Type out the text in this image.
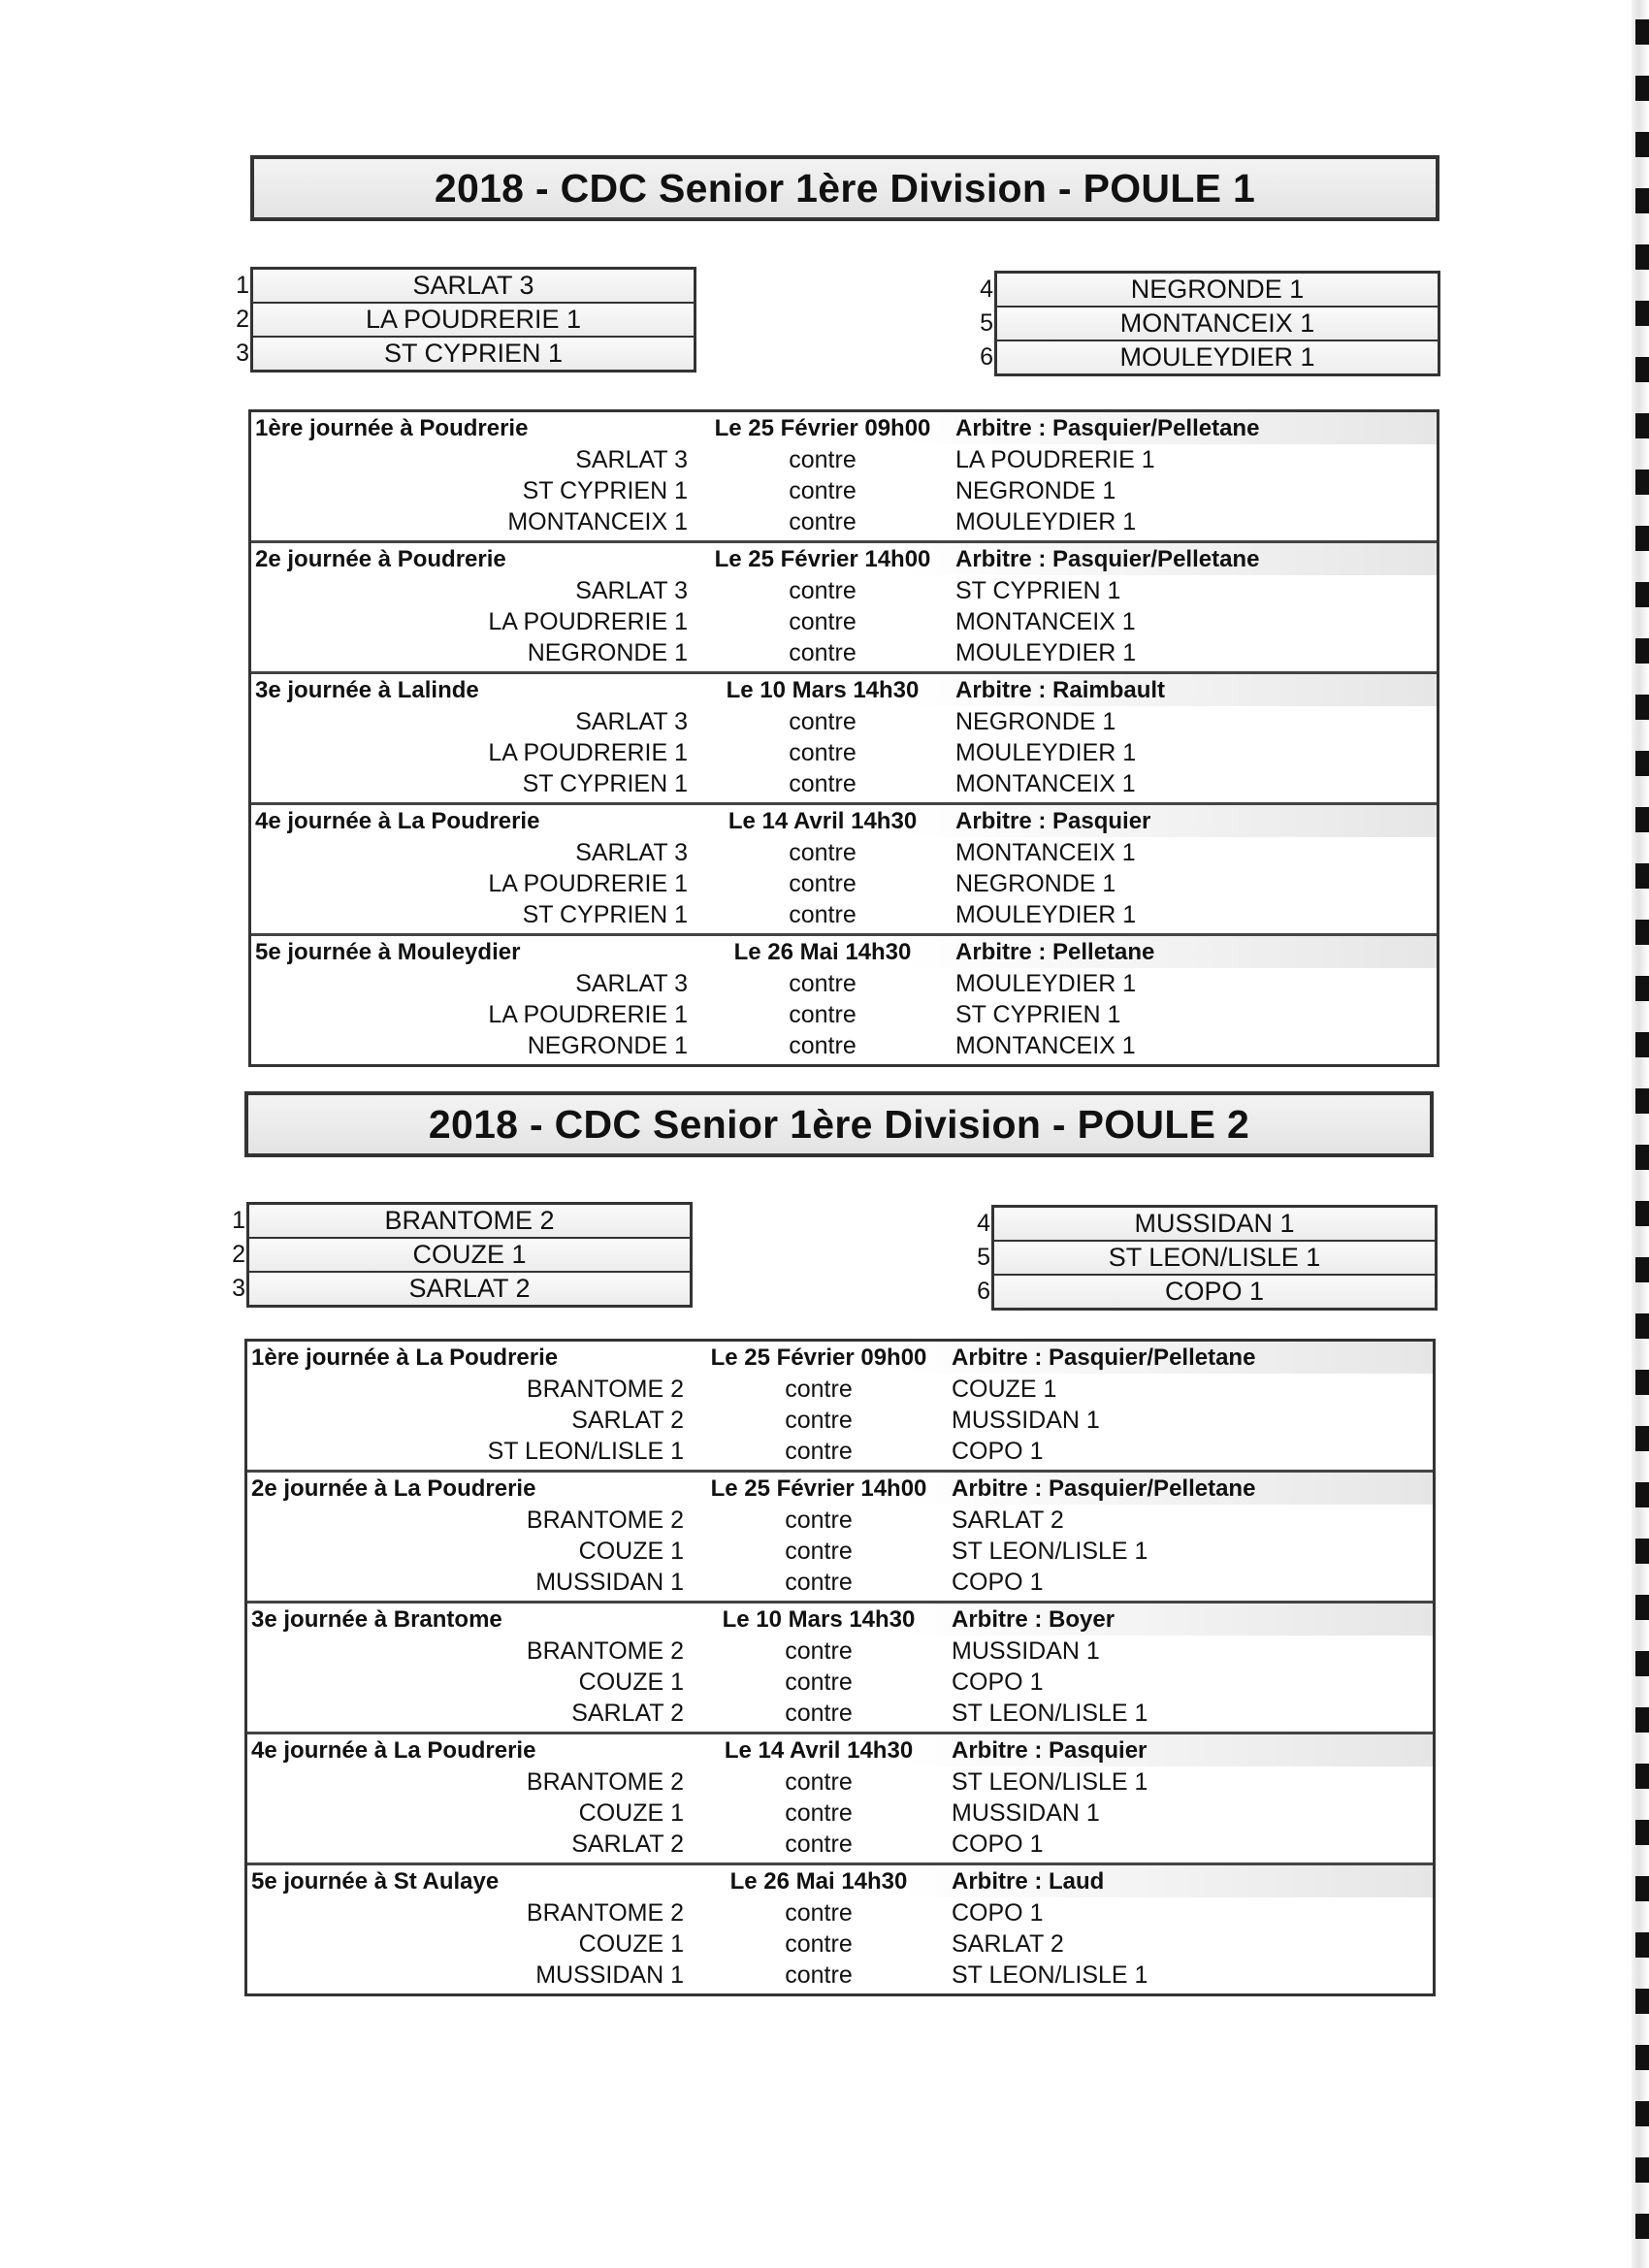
2018 - CDC Senior 1ère Division - POULE 1
1	SARLAT 3
2	LA POUDRERIE 1
3	ST CYPRIEN 1
4	NEGRONDE 1
5	MONTANCEIX 1
6	MOULEYDIER 1
1ère journée à Poudrerie	Le 25 Février 09h00	Arbitre : Pasquier/Pelletane
SARLAT 3	contre	LA POUDRERIE 1
ST CYPRIEN 1	contre	NEGRONDE 1
MONTANCEIX 1	contre	MOULEYDIER 1
2e journée à Poudrerie	Le 25 Février 14h00	Arbitre : Pasquier/Pelletane
SARLAT 3	contre	ST CYPRIEN 1
LA POUDRERIE 1	contre	MONTANCEIX 1
NEGRONDE 1	contre	MOULEYDIER 1
3e journée à Lalinde	Le 10 Mars 14h30	Arbitre : Raimbault
SARLAT 3	contre	NEGRONDE 1
LA POUDRERIE 1	contre	MOULEYDIER 1
ST CYPRIEN 1	contre	MONTANCEIX 1
4e journée à La Poudrerie	Le 14 Avril 14h30	Arbitre : Pasquier
SARLAT 3	contre	MONTANCEIX 1
LA POUDRERIE 1	contre	NEGRONDE 1
ST CYPRIEN 1	contre	MOULEYDIER 1
5e journée à Mouleydier	Le 26 Mai 14h30	Arbitre : Pelletane
SARLAT 3	contre	MOULEYDIER 1
LA POUDRERIE 1	contre	ST CYPRIEN 1
NEGRONDE 1	contre	MONTANCEIX 1
2018 - CDC Senior 1ère Division - POULE 2
1	BRANTOME 2
2	COUZE 1
3	SARLAT 2
4	MUSSIDAN 1
5	ST LEON/LISLE 1
6	COPO 1
1ère journée à La Poudrerie	Le 25 Février 09h00	Arbitre : Pasquier/Pelletane
BRANTOME 2	contre	COUZE 1
SARLAT 2	contre	MUSSIDAN 1
ST LEON/LISLE 1	contre	COPO 1
2e journée à La Poudrerie	Le 25 Février 14h00	Arbitre : Pasquier/Pelletane
BRANTOME 2	contre	SARLAT 2
COUZE 1	contre	ST LEON/LISLE 1
MUSSIDAN 1	contre	COPO 1
3e journée à Brantome	Le 10 Mars 14h30	Arbitre : Boyer
BRANTOME 2	contre	MUSSIDAN 1
COUZE 1	contre	COPO 1
SARLAT 2	contre	ST LEON/LISLE 1
4e journée à La Poudrerie	Le 14 Avril 14h30	Arbitre : Pasquier
BRANTOME 2	contre	ST LEON/LISLE 1
COUZE 1	contre	MUSSIDAN 1
SARLAT 2	contre	COPO 1
5e journée à St Aulaye	Le 26 Mai 14h30	Arbitre : Laud
BRANTOME 2	contre	COPO 1
COUZE 1	contre	SARLAT 2
MUSSIDAN 1	contre	ST LEON/LISLE 1
